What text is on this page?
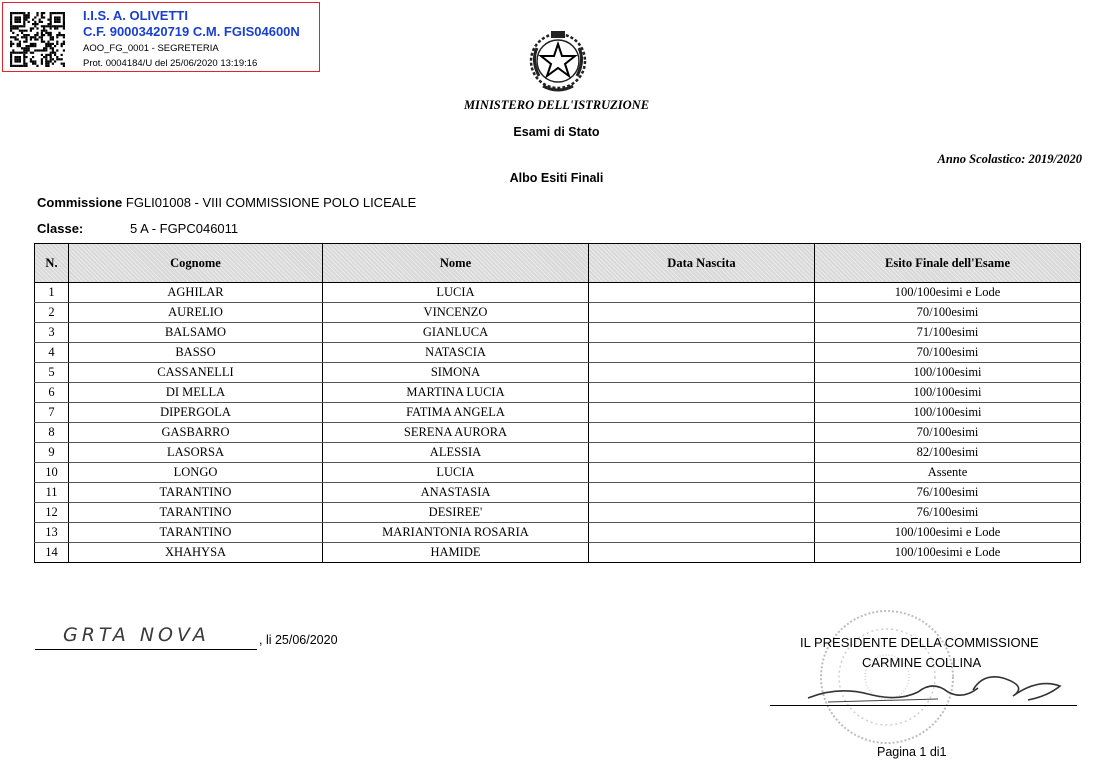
I.I.S. A. OLIVETTI
C.F. 90003420719 C.M. FGIS04600N
AOO_FG_0001 - SEGRETERIA
Prot. 0004184/U del 25/06/2020 13:19:16
MINISTERO DELL'ISTRUZIONE
Esami di Stato
Anno Scolastico: 2019/2020
Albo Esiti Finali
Commissione FGLI01008 - VIII COMMISSIONE POLO LICEALE
Classe:	5 A - FGPC046011
N.	Cognome	Nome	Data Nascita	Esito Finale dell'Esame
1	AGHILAR	LUCIA		100/100esimi e Lode
2	AURELIO	VINCENZO		70/100esimi
3	BALSAMO	GIANLUCA		71/100esimi
4	BASSO	NATASCIA		70/100esimi
5	CASSANELLI	SIMONA		100/100esimi
6	DI MELLA	MARTINA LUCIA		100/100esimi
7	DIPERGOLA	FATIMA ANGELA		100/100esimi
8	GASBARRO	SERENA AURORA		70/100esimi
9	LASORSA	ALESSIA		82/100esimi
10	LONGO	LUCIA		Assente
11	TARANTINO	ANASTASIA		76/100esimi
12	TARANTINO	DESIREE'		76/100esimi
13	TARANTINO	MARIANTONIA ROSARIA		100/100esimi e Lode
14	XHAHYSA	HAMIDE		100/100esimi e Lode
GRTA NOVA	, li 25/06/2020	IL PRESIDENTE DELLA COMMISSIONE
CARMINE COLLINA
Pagina 1 di1
